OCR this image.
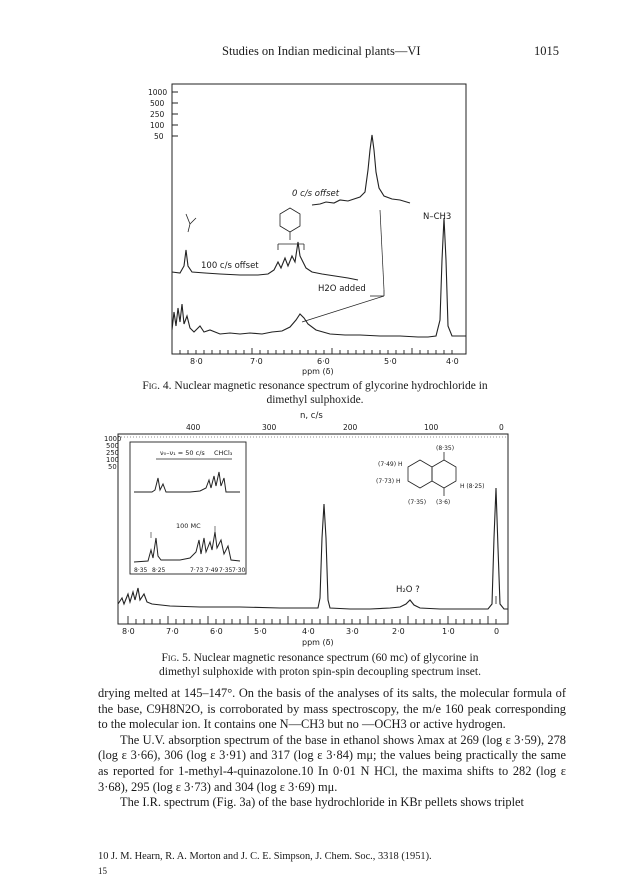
Studies on Indian medicinal plants—VI	1015
1000
500
250
100
50
0 c/s offset
100 c/s offset
H2O added
N–CH3
8·0	7·0	6·0	5·0	4·0
ppm (δ)
Fig. 4. Nuclear magnetic resonance spectrum of glycorine hydrochloride in dimethyl sulphoxide.
n, c/s
400	300	200	100	0
1000
500
250
100
50
ν₀–ν₁ = 50 c/s CHCl₃
100 MC
8·35 8·25	7·73 7·49 7·35 7·30
(8·35)
(7·49) H
(7·73) H
H (8·25)
(7·35) (3·6)
H₂O ?
8·0	7·0	6·0	5·0	4·0	3·0	2·0	1·0	0
ppm (δ)
Fig. 5. Nuclear magnetic resonance spectrum (60 mc) of glycorine in dimethyl sulphoxide with proton spin-spin decoupling spectrum inset.

drying melted at 145–147°. On the basis of the analyses of its salts, the molecular formula of the base, C9H8N2O, is corroborated by mass spectroscopy, the m/e 160 peak corresponding to the molecular ion. It contains one N—CH3 but no —OCH3 or active hydrogen.

The U.V. absorption spectrum of the base in ethanol shows λmax at 269 (log ε 3·59), 278 (log ε 3·66), 306 (log ε 3·91) and 317 (log ε 3·84) mμ; the values being practically the same as reported for 1-methyl-4-quinazolone.10 In 0·01 N HCl, the maxima shifts to 282 (log ε 3·68), 295 (log ε 3·73) and 304 (log ε 3·69) mμ.

The I.R. spectrum (Fig. 3a) of the base hydrochloride in KBr pellets shows triplet

10 J. M. Hearn, R. A. Morton and J. C. E. Simpson, J. Chem. Soc., 3318 (1951).
15
